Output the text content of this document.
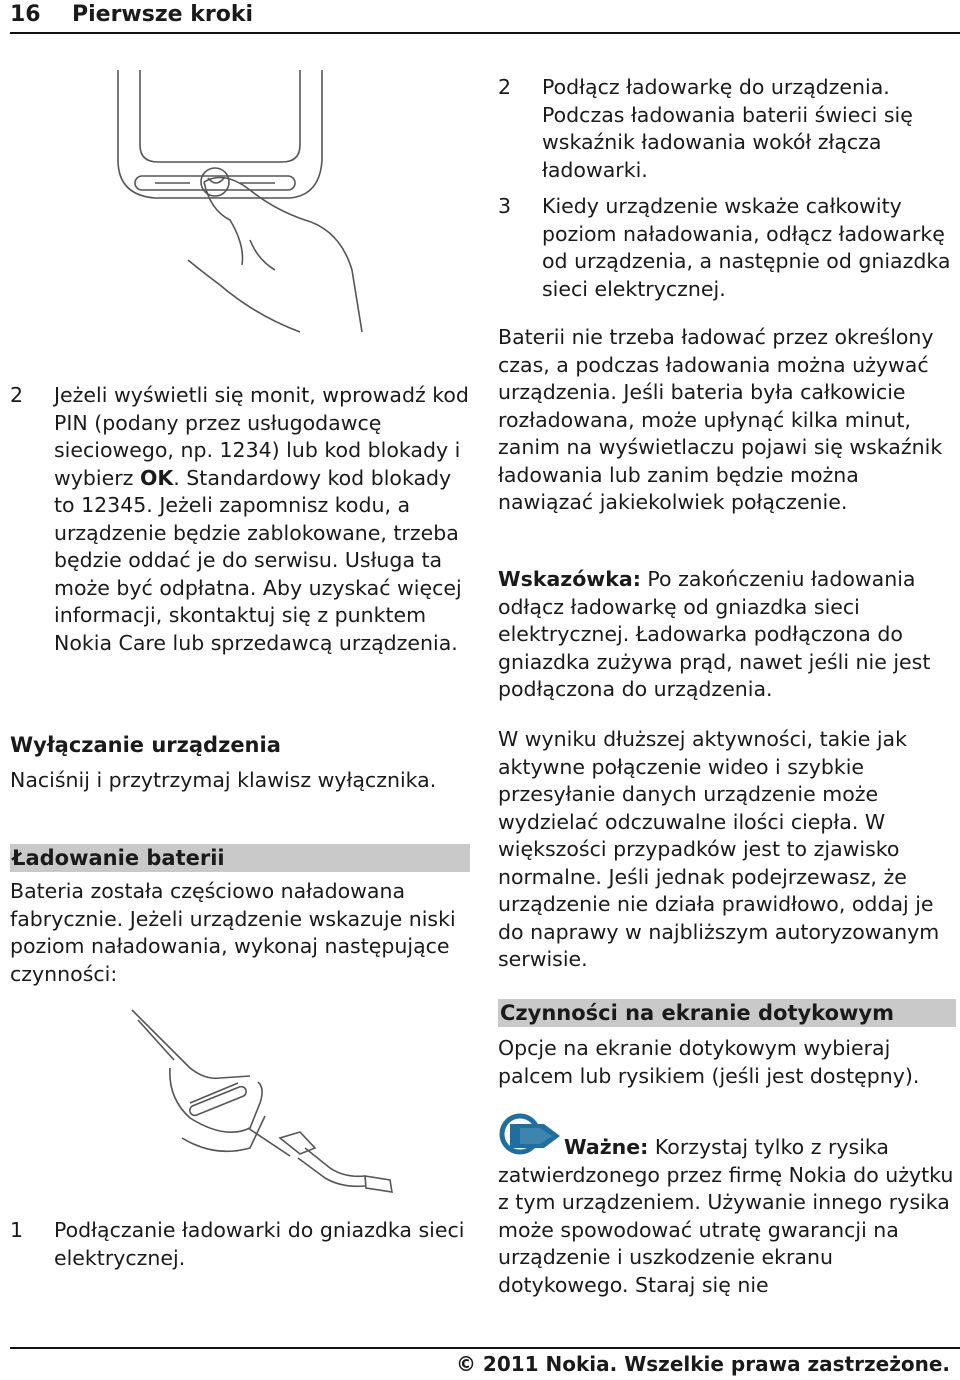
16 Pierwsze kroki
2	Jeżeli wyświetli się monit, wprowadź kod PIN (podany przez usługodawcę sieciowego, np. 1234) lub kod blokady i wybierz OK. Standardowy kod blokady to 12345. Jeżeli zapomnisz kodu, a urządzenie będzie zablokowane, trzeba będzie oddać je do serwisu. Usługa ta może być odpłatna. Aby uzyskać więcej informacji, skontaktuj się z punktem Nokia Care lub sprzedawcą urządzenia.
Wyłączanie urządzenia
Naciśnij i przytrzymaj klawisz wyłącznika.
Ładowanie baterii
Bateria została częściowo naładowana fabrycznie. Jeżeli urządzenie wskazuje niski poziom naładowania, wykonaj następujące czynności:
1	Podłączanie ładowarki do gniazdka sieci elektrycznej.
2	Podłącz ładowarkę do urządzenia. Podczas ładowania baterii świeci się wskaźnik ładowania wokół złącza ładowarki.
3	Kiedy urządzenie wskaże całkowity poziom naładowania, odłącz ładowarkę od urządzenia, a następnie od gniazdka sieci elektrycznej.
Baterii nie trzeba ładować przez określony czas, a podczas ładowania można używać urządzenia. Jeśli bateria była całkowicie rozładowana, może upłynąć kilka minut, zanim na wyświetlaczu pojawi się wskaźnik ładowania lub zanim będzie można nawiązać jakiekolwiek połączenie.
Wskazówka: Po zakończeniu ładowania odłącz ładowarkę od gniazdka sieci elektrycznej. Ładowarka podłączona do gniazdka zużywa prąd, nawet jeśli nie jest podłączona do urządzenia.
W wyniku dłuższej aktywności, takie jak aktywne połączenie wideo i szybkie przesyłanie danych urządzenie może wydzielać odczuwalne ilości ciepła. W większości przypadków jest to zjawisko normalne. Jeśli jednak podejrzewasz, że urządzenie nie działa prawidłowo, oddaj je do naprawy w najbliższym autoryzowanym serwisie.
Czynności na ekranie dotykowym
Opcje na ekranie dotykowym wybieraj palcem lub rysikiem (jeśli jest dostępny).
Ważne: Korzystaj tylko z rysika zatwierdzonego przez firmę Nokia do użytku z tym urządzeniem. Używanie innego rysika może spowodować utratę gwarancji na urządzenie i uszkodzenie ekranu dotykowego. Staraj się nie
© 2011 Nokia. Wszelkie prawa zastrzeżone.
